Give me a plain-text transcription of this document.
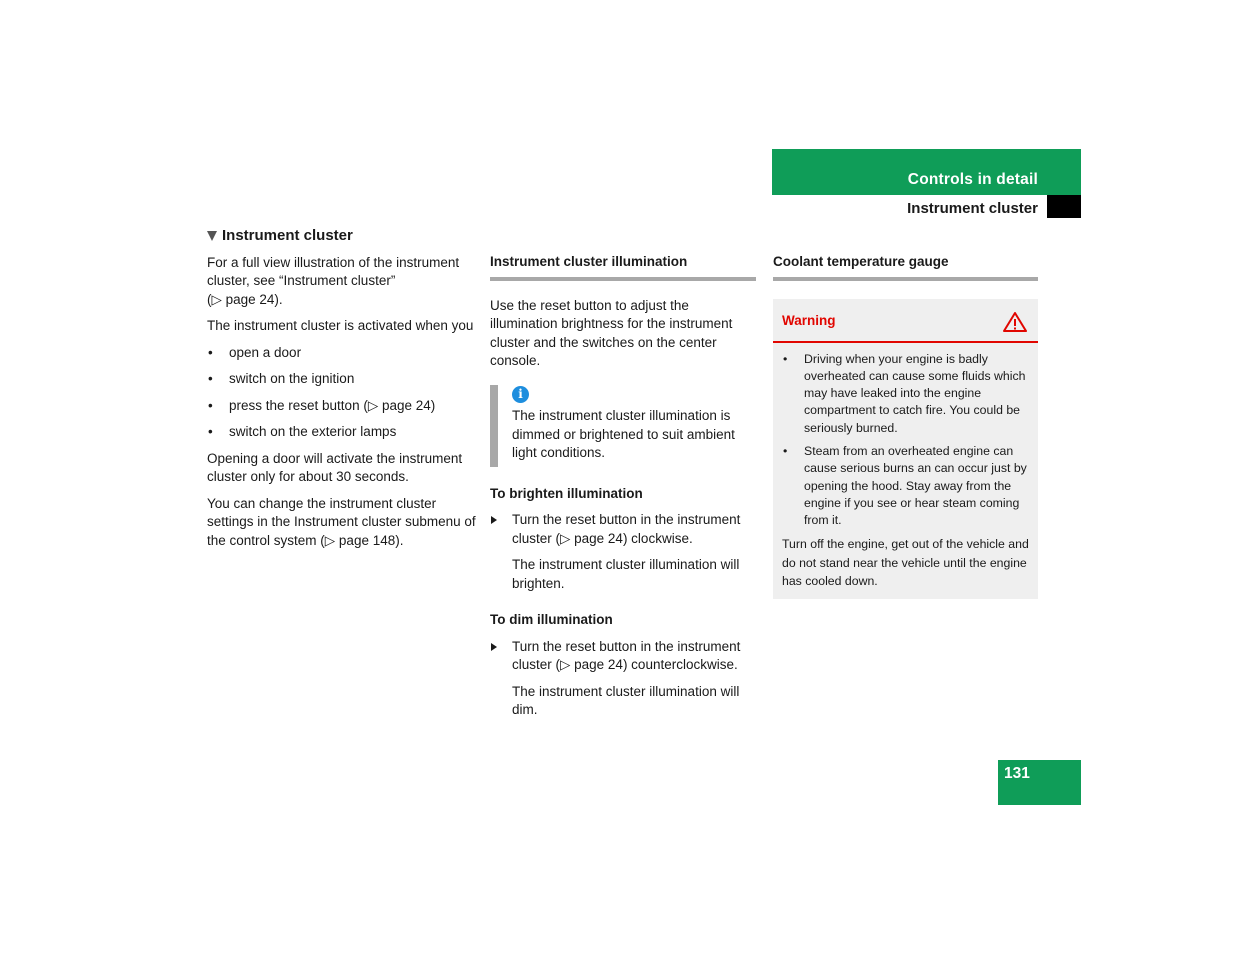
Controls in detail
Instrument cluster
Instrument cluster

For a full view illustration of the instrument cluster, see “Instrument cluster”
(▷ page 24).

The instrument cluster is activated when you

• open a door
• switch on the ignition
• press the reset button (▷ page 24)
• switch on the exterior lamps

Opening a door will activate the instrument cluster only for about 30 seconds.

You can change the instrument cluster settings in the Instrument cluster submenu of the control system (▷ page 148).

Instrument cluster illumination

Use the reset button to adjust the illumination brightness for the instrument cluster and the switches on the center console.

i
The instrument cluster illumination is dimmed or brightened to suit ambient light conditions.
To brighten illumination
Turn the reset button in the instrument cluster (▷ page 24) clockwise.

The instrument cluster illumination will brighten.

To dim illumination
Turn the reset button in the instrument cluster (▷ page 24) counterclockwise.

The instrument cluster illumination will dim.

Coolant temperature gauge
Warning
• Driving when your engine is badly overheated can cause some fluids which may have leaked into the engine compartment to catch fire. You could be seriously burned.
• Steam from an overheated engine can cause serious burns an can occur just by opening the hood. Stay away from the engine if you see or hear steam coming from it.

Turn off the engine, get out of the vehicle and do not stand near the vehicle until the engine has cooled down.

131
